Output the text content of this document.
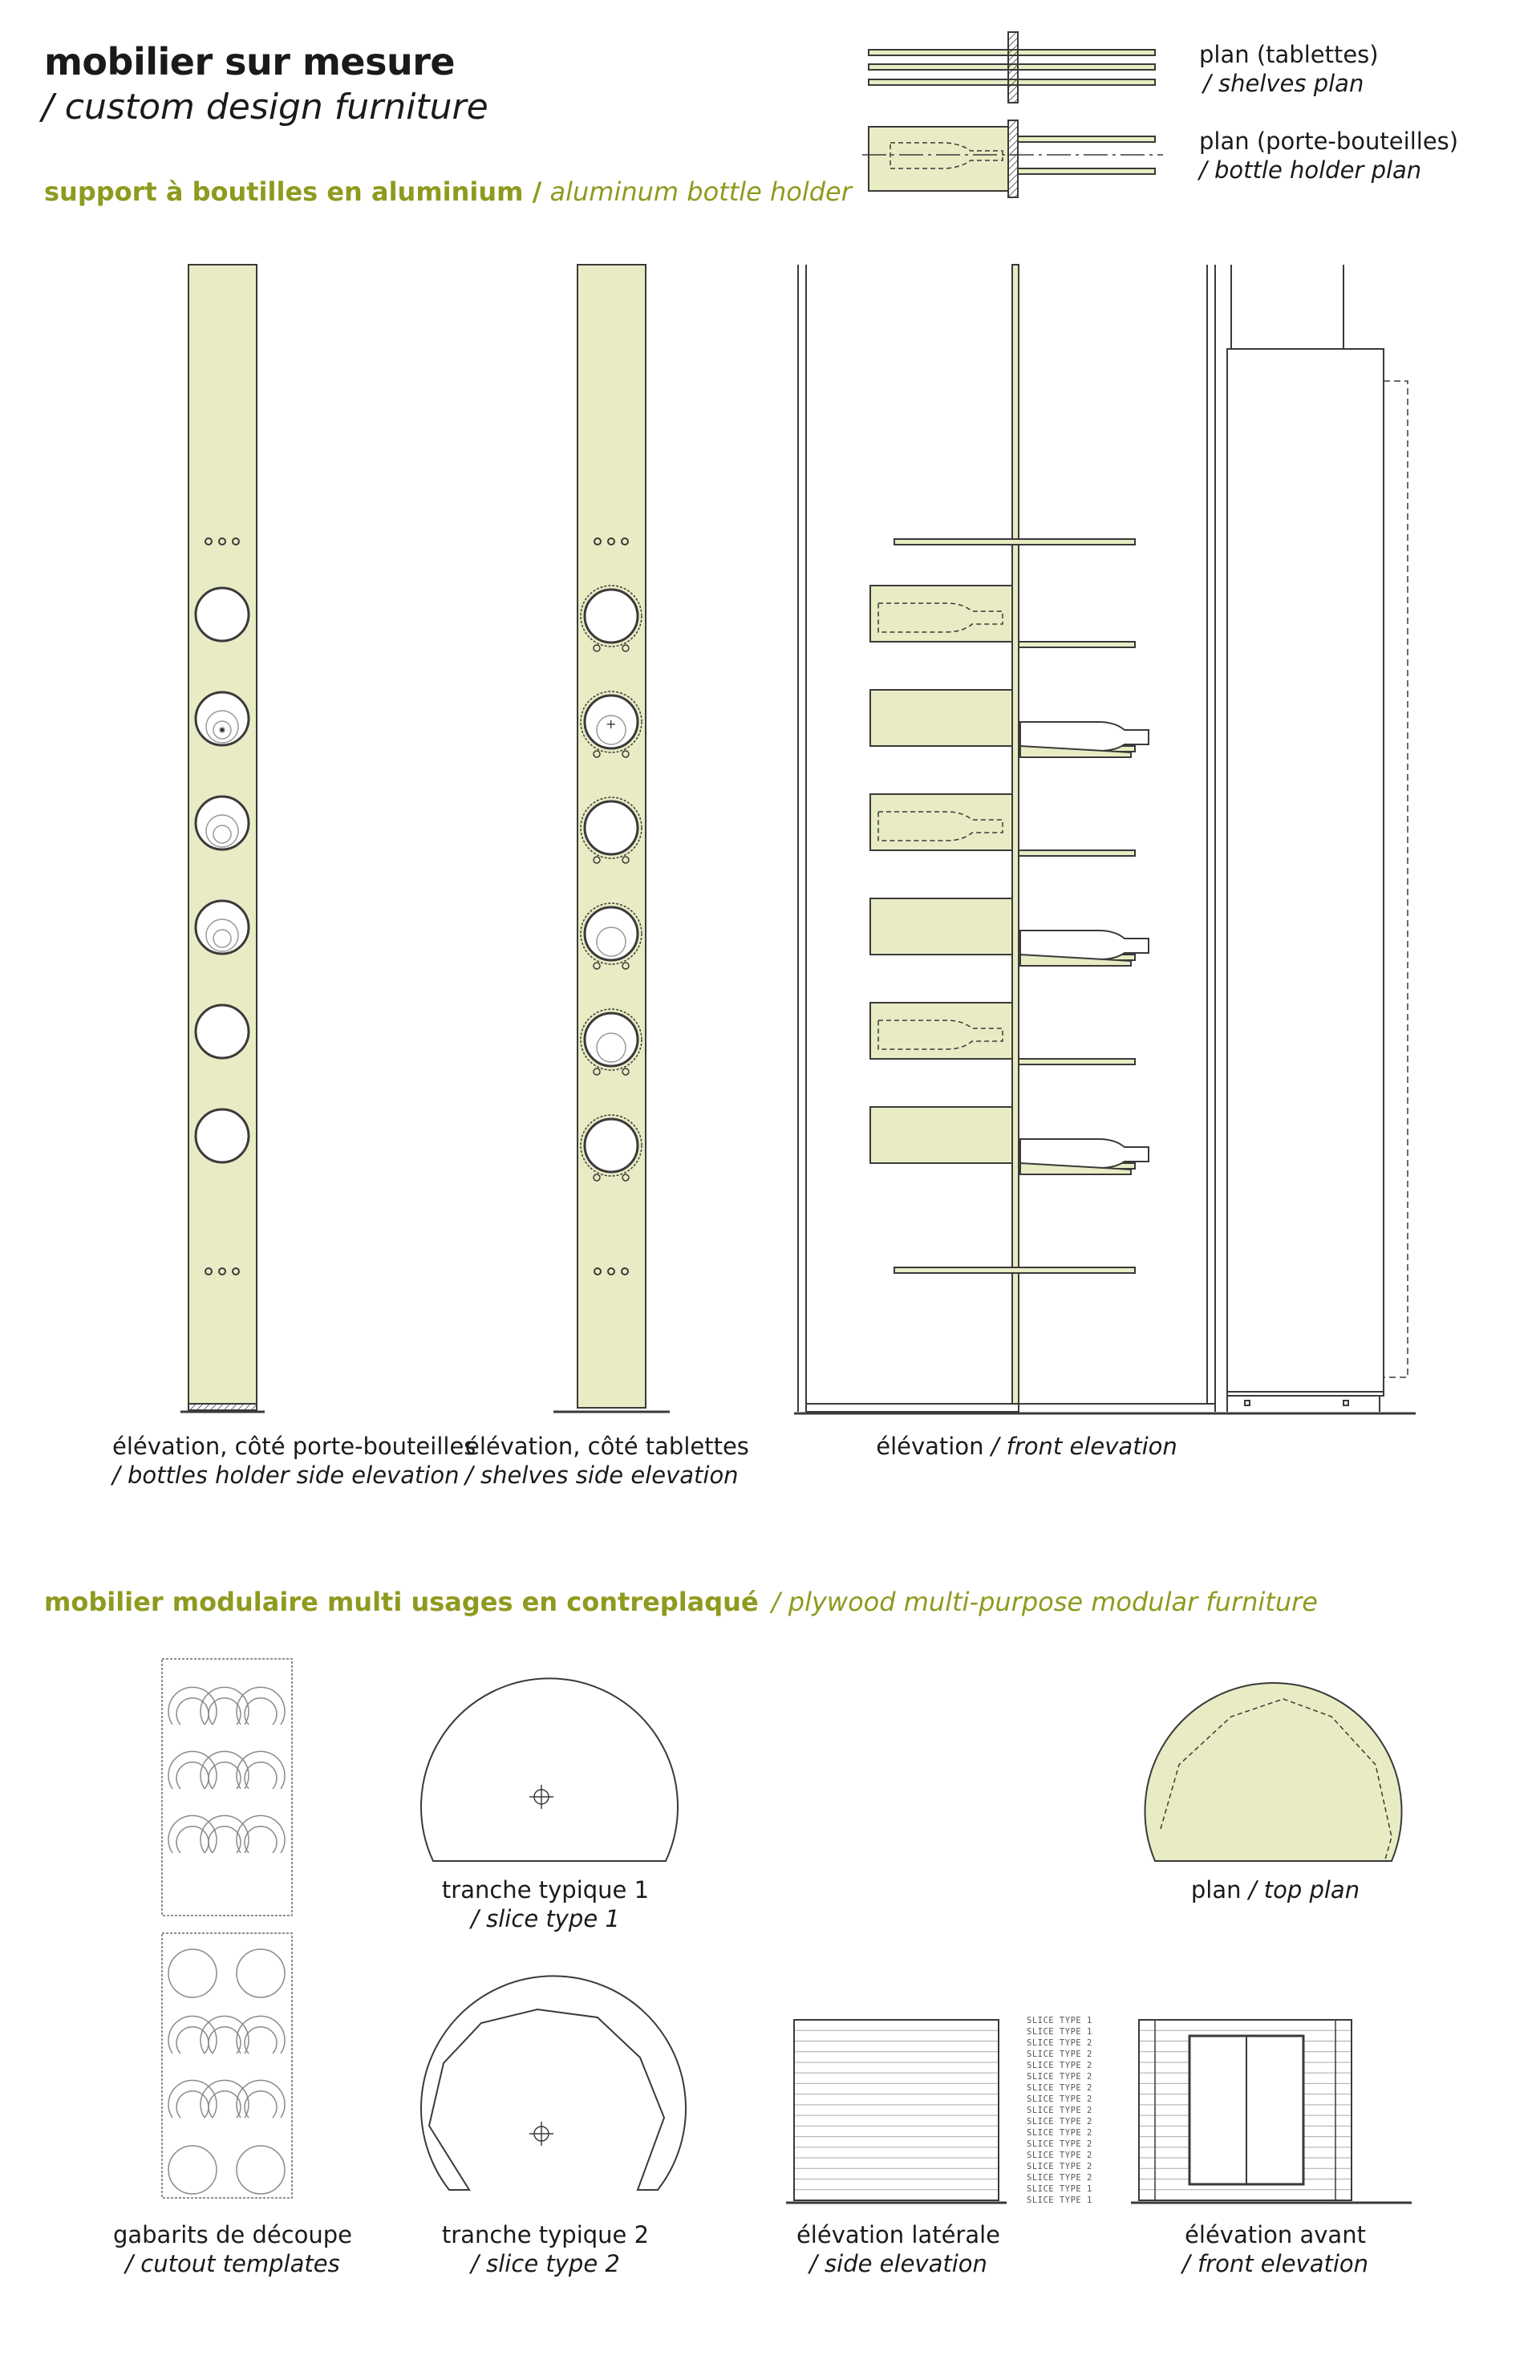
mobilier sur mesure
/ custom design furniture
support à boutilles en aluminium / aluminum bottle holder
plan (tablettes)
/ shelves plan
plan (porte-bouteilles)
/ bottle holder plan
élévation, côté porte-bouteilles
/ bottles holder side elevation
élévation, côté tablettes
/ shelves side elevation
élévation / front elevation
mobilier modulaire multi usages en contreplaqué / plywood multi-purpose modular furniture
tranche typique 1
/ slice type 1
plan / top plan
gabarits de découpe
/ cutout templates
tranche typique 2
/ slice type 2
élévation latérale
/ side elevation
élévation avant
/ front elevation
+
SLICE TYPE 1
SLICE TYPE 1
SLICE TYPE 2
SLICE TYPE 2
SLICE TYPE 2
SLICE TYPE 2
SLICE TYPE 2
SLICE TYPE 2
SLICE TYPE 2
SLICE TYPE 2
SLICE TYPE 2
SLICE TYPE 2
SLICE TYPE 2
SLICE TYPE 2
SLICE TYPE 2
SLICE TYPE 1
SLICE TYPE 1
